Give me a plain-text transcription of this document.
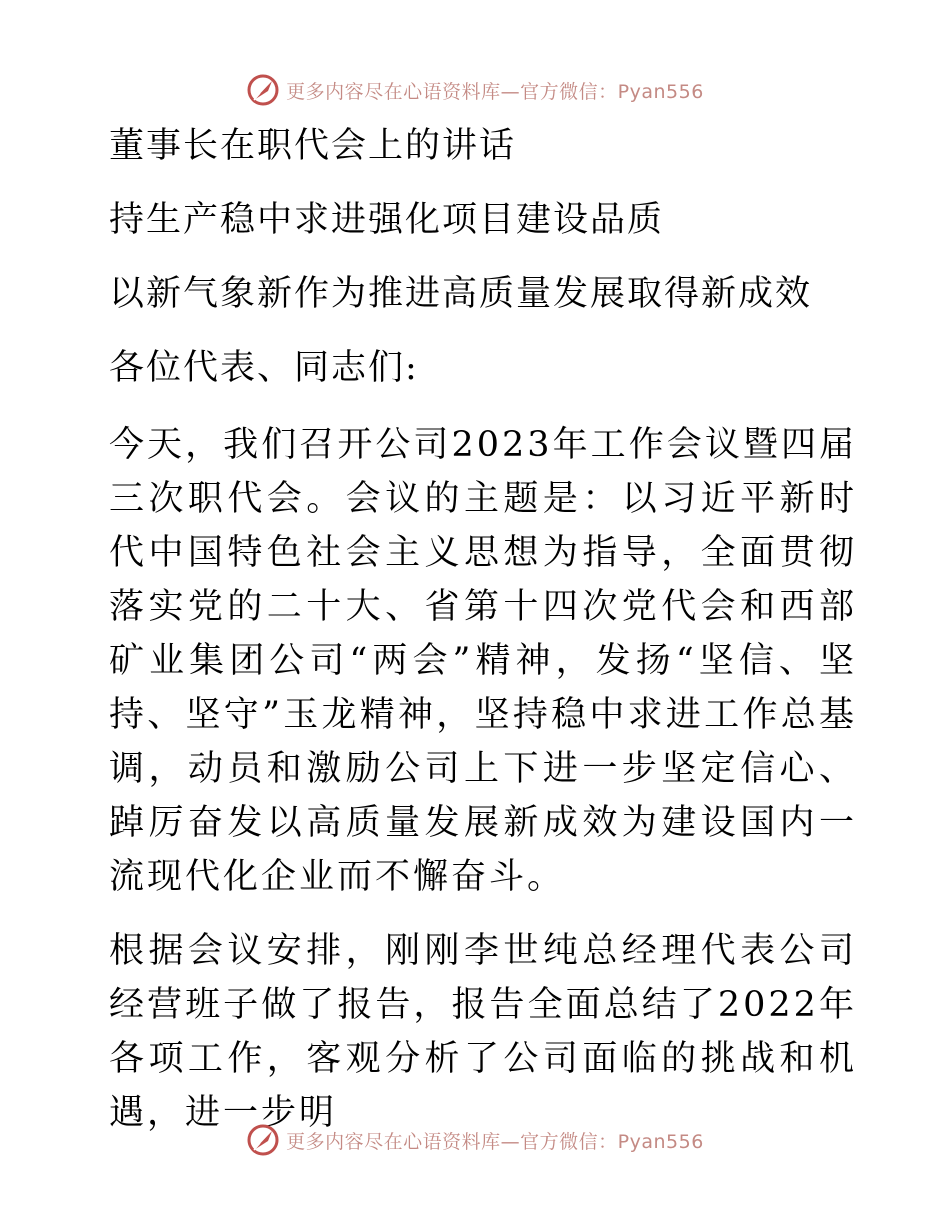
更多内容尽在心语资料库—官方微信：Pyan556
董事长在职代会上的讲话
持生产稳中求进强化项目建设品质
以新气象新作为推进高质量发展取得新成效
各位代表、同志们:
今天，我们召开公司2023年工作会议暨四届三次职代会。会议的主题是：以习近平新时代中国特色社会主义思想为指导，全面贯彻落实党的二十大、省第十四次党代会和西部矿业集团公司“两会”精神，发扬“坚信、坚持、坚守”玉龙精神，坚持稳中求进工作总基调，动员和激励公司上下进一步坚定信心、踔厉奋发以高质量发展新成效为建设国内一流现代化企业而不懈奋斗。
根据会议安排，刚刚李世纯总经理代表公司经营班子做了报告，报告全面总结了2022年各项工作，客观分析了公司面临的挑战和机遇，进一步明
更多内容尽在心语资料库—官方微信：Pyan556
